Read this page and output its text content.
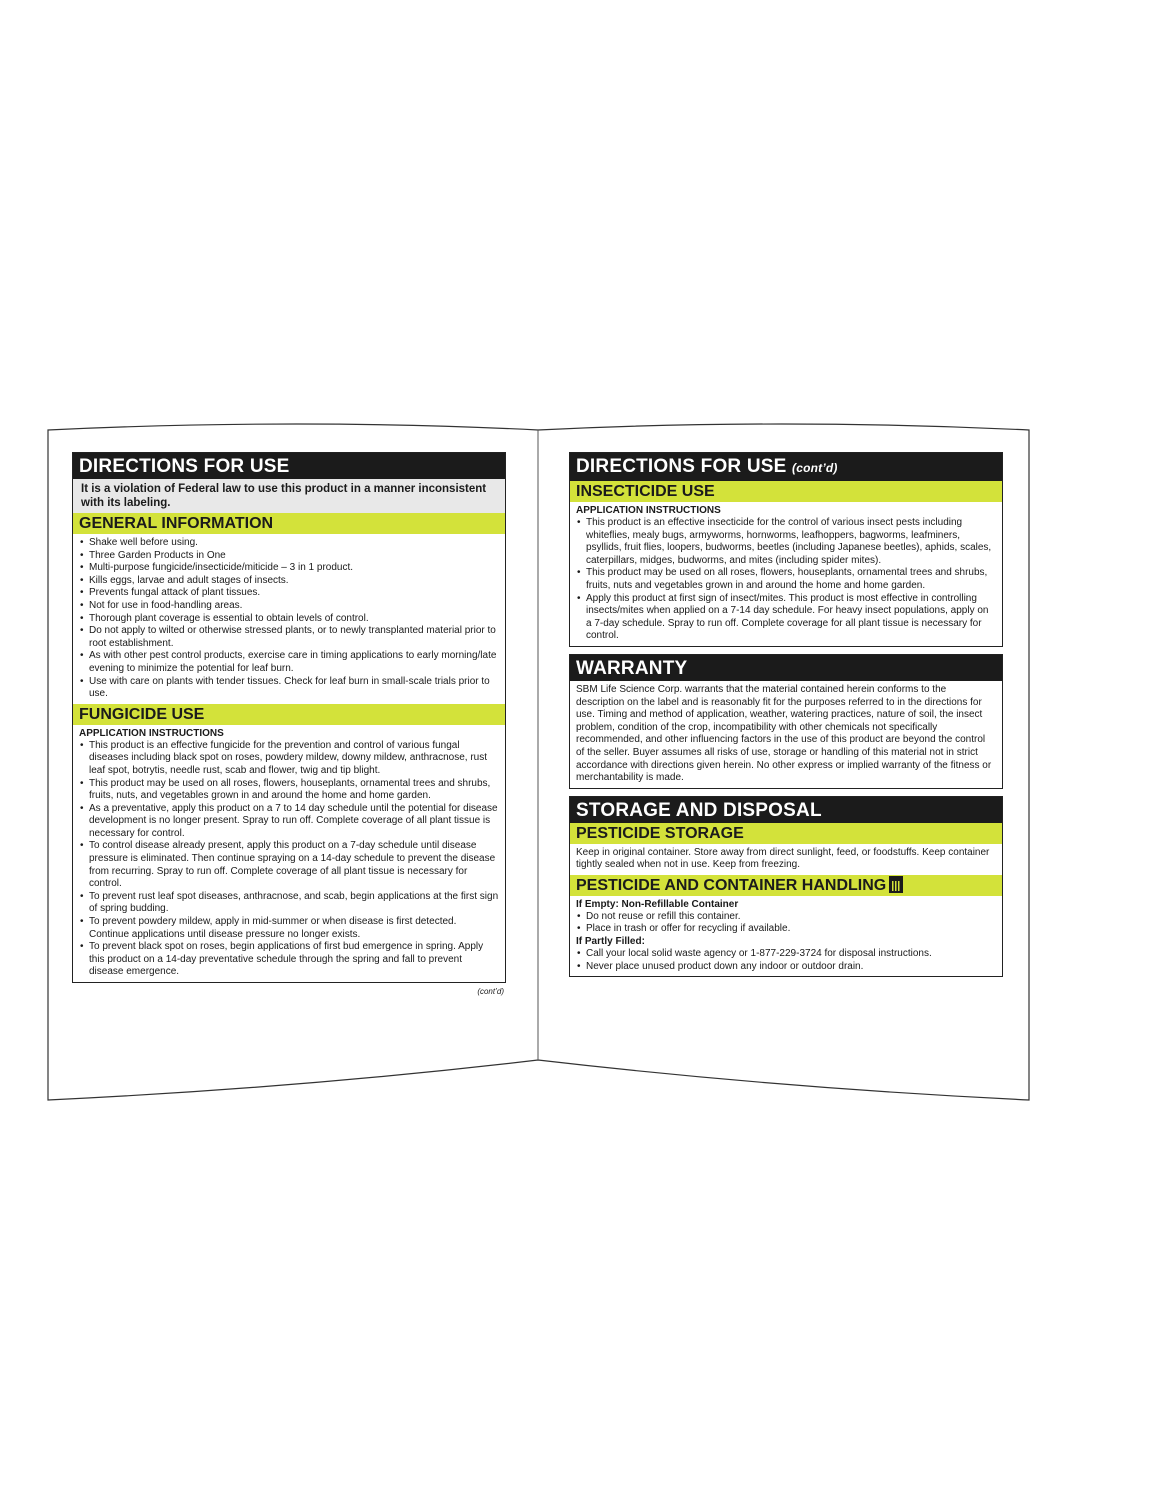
DIRECTIONS FOR USE
It is a violation of Federal law to use this product in a manner inconsistent with its labeling.
GENERAL INFORMATION
• Shake well before using.
• Three Garden Products in One
• Multi-purpose fungicide/insecticide/miticide – 3 in 1 product.
• Kills eggs, larvae and adult stages of insects.
• Prevents fungal attack of plant tissues.
• Not for use in food-handling areas.
• Thorough plant coverage is essential to obtain levels of control.
• Do not apply to wilted or otherwise stressed plants, or to newly transplanted material prior to root establishment.
• As with other pest control products, exercise care in timing applications to early morning/late evening to minimize the potential for leaf burn.
• Use with care on plants with tender tissues. Check for leaf burn in small-scale trials prior to use.
FUNGICIDE USE
APPLICATION INSTRUCTIONS
• This product is an effective fungicide for the prevention and control of various fungal diseases including black spot on roses, powdery mildew, downy mildew, anthracnose, rust leaf spot, botrytis, needle rust, scab and flower, twig and tip blight.
• This product may be used on all roses, flowers, houseplants, ornamental trees and shrubs, fruits, nuts, and vegetables grown in and around the home and home garden.
• As a preventative, apply this product on a 7 to 14 day schedule until the potential for disease development is no longer present. Spray to run off. Complete coverage of all plant tissue is necessary for control.
• To control disease already present, apply this product on a 7-day schedule until disease pressure is eliminated. Then continue spraying on a 14-day schedule to prevent the disease from recurring. Spray to run off. Complete coverage of all plant tissue is necessary for control.
• To prevent rust leaf spot diseases, anthracnose, and scab, begin applications at the first sign of spring budding.
• To prevent powdery mildew, apply in mid-summer or when disease is first detected. Continue applications until disease pressure no longer exists.
• To prevent black spot on roses, begin applications of first bud emergence in spring. Apply this product on a 14-day preventative schedule through the spring and fall to prevent disease emergence.
(cont’d)
DIRECTIONS FOR USE (cont’d)
INSECTICIDE USE
APPLICATION INSTRUCTIONS
• This product is an effective insecticide for the control of various insect pests including whiteflies, mealy bugs, armyworms, hornworms, leafhoppers, bagworms, leafminers, psyllids, fruit flies, loopers, budworms, beetles (including Japanese beetles), aphids, scales, caterpillars, midges, budworms, and mites (including spider mites).
• This product may be used on all roses, flowers, houseplants, ornamental trees and shrubs, fruits, nuts and vegetables grown in and around the home and home garden.
• Apply this product at first sign of insect/mites. This product is most effective in controlling insects/mites when applied on a 7-14 day schedule. For heavy insect populations, apply on a 7-day schedule. Spray to run off. Complete coverage for all plant tissue is necessary for control.
WARRANTY

SBM Life Science Corp. warrants that the material contained herein conforms to the description on the label and is reasonably fit for the purposes referred to in the directions for use. Timing and method of application, weather, watering practices, nature of soil, the insect problem, condition of the crop, incompatibility with other chemicals not specifically recommended, and other influencing factors in the use of this product are beyond the control of the seller. Buyer assumes all risks of use, storage or handling of this material not in strict accordance with directions given herein. No other express or implied warranty of the fitness or merchantability is made.

STORAGE AND DISPOSAL
PESTICIDE STORAGE

Keep in original container. Store away from direct sunlight, feed, or foodstuffs. Keep container tightly sealed when not in use. Keep from freezing.

PESTICIDE AND CONTAINER HANDLING
If Empty: Non-Refillable Container
• Do not reuse or refill this container.
• Place in trash or offer for recycling if available.
If Partly Filled:
• Call your local solid waste agency or 1-877-229-3724 for disposal instructions.
• Never place unused product down any indoor or outdoor drain.
